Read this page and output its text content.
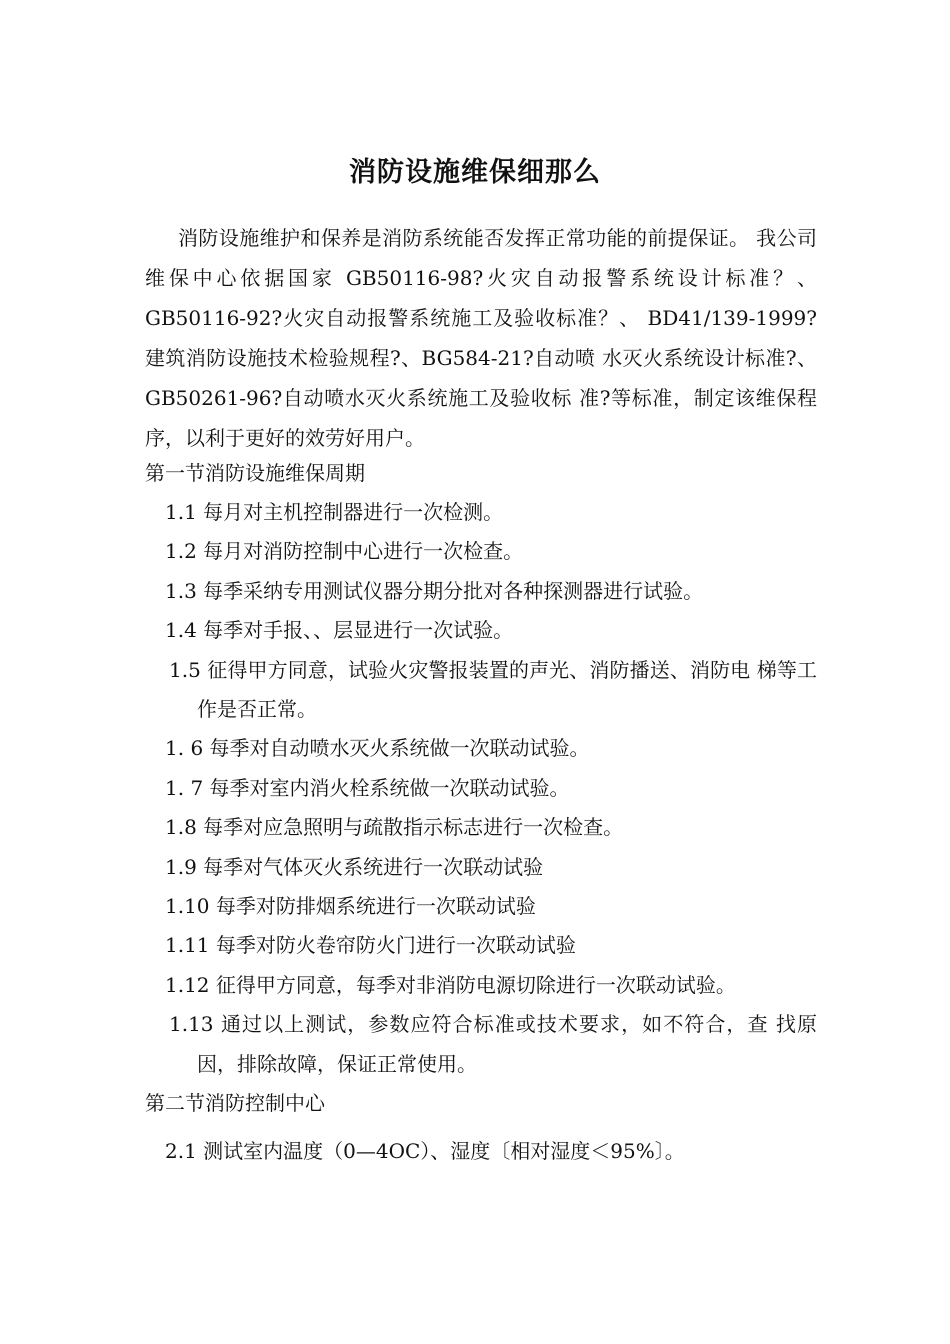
消防设施维保细那么

消防设施维护和保养是消防系统能否发挥正常功能的前提保证。 我公司维保中心依据国家 GB50116-98?火灾自动报警系统设计标准？、GB50116-92?火灾自动报警系统施工及验收标准？、 BD41/139-1999?建筑消防设施技术检验规程?、BG584-21?自动喷 水灭火系统设计标准?、GB50261-96?自动喷水灭火系统施工及验收标 准?等标准，制定该维保程序，以利于更好的效劳好用户。

第一节消防设施维保周期

1.1 每月对主机控制器进行一次检测。
1.2 每月对消防控制中心进行一次检查。
1.3 每季采纳专用测试仪器分期分批对各种探测器进行试验。
1.4 每季对手报、、层显进行一次试验。
1.5 征得甲方同意，试验火灾警报装置的声光、消防播送、消防电 梯等工作是否正常。
1. 6 每季对自动喷水灭火系统做一次联动试验。
1. 7 每季对室内消火栓系统做一次联动试验。
1.8 每季对应急照明与疏散指示标志进行一次检查。
1.9 每季对气体灭火系统进行一次联动试验
1.10 每季对防排烟系统进行一次联动试验
1.11 每季对防火卷帘防火门进行一次联动试验
1.12 征得甲方同意，每季对非消防电源切除进行一次联动试验。
1.13 通过以上测试，参数应符合标准或技术要求，如不符合，查 找原因，排除故障，保证正常使用。

第二节消防控制中心

2.1 测试室内温度（0—4OC）、湿度〔相对湿度＜95%〕。
